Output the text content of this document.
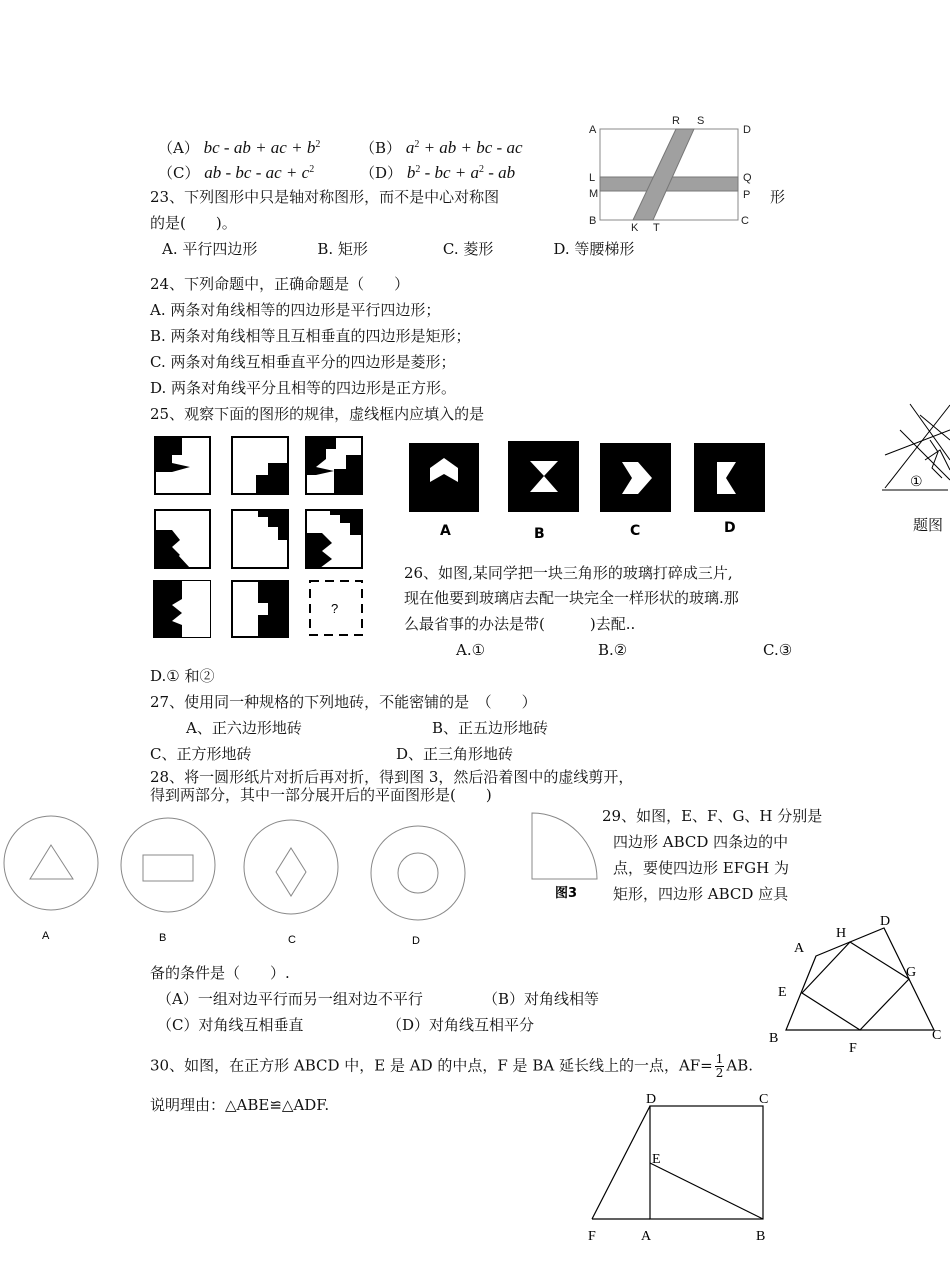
（A） bc - ab + ac + $b^2$	（B） $a^2$ + ab + bc - ac
（C） ab - bc - ac + $c^2$	（D） $b^2$ - bc + $a^2$ - ab
A
R S
D
L	Q
M	P
B
K T
C
23、下列图形中只是轴对称图形，而不是中心对称图	形
的是(　　)。
A. 平行四边形　　　　B. 矩形　　　　　C. 菱形　　　　D. 等腰梯形
24、下列命题中，正确命题是（　　）
A. 两条对角线相等的四边形是平行四边形；
B. 两条对角线相等且互相垂直的四边形是矩形；
C. 两条对角线互相垂直平分的四边形是菱形；
D. 两条对角线平分且相等的四边形是正方形。
25、观察下面的图形的规律，虚线框内应填入的是
?
A	B	C	D
①
题图
26、如图,某同学把一块三角形的玻璃打碎成三片,
现在他要到玻璃店去配一块完全一样形状的玻璃.那
么最省事的办法是带(　　　)去配..
A.①	B.②	C.③
D.① 和②
27、使用同一种规格的下列地砖，不能密铺的是　（　　）
A、正六边形地砖	B、正五边形地砖
C、正方形地砖	D、正三角形地砖
28、将一圆形纸片对折后再对折，得到图 3，然后沿着图中的虚线剪开，
得到两部分，其中一部分展开后的平面图形是(　　)
A	B	C	D
图3
29、如图，E、F、G、H 分别是
四边形 ABCD 四条边的中
点，要使四边形 EFGH 为
矩形，四边形 ABCD 应具
A
H
D
G
E
B
F
C
备的条件是（　　）.
（A）一组对边平行而另一组对边不平行	（B）对角线相等
（C）对角线互相垂直	（D）对角线互相平分
30、如图，在正方形 ABCD 中，E 是 AD 的中点，F 是 BA 延长线上的一点，$AF= \frac{1}{2}$ AB.
说明理由：△ABE≌△ADF.	D	C
E
F	A	B
